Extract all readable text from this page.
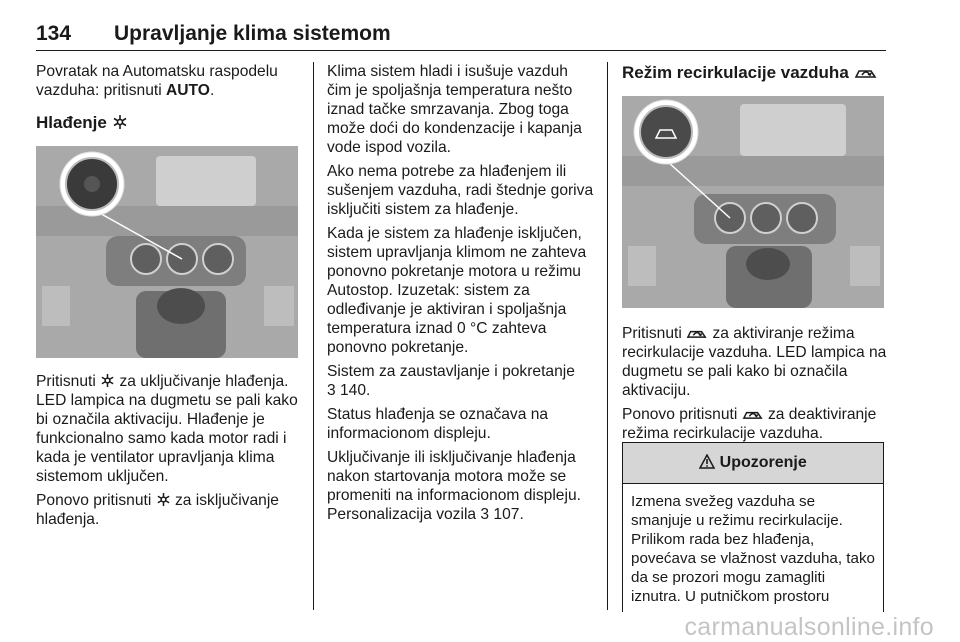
134 Upravljanje klima sistemom

Povratak na Automatsku raspodelu vazduha: pritisnuti AUTO.

Hlađenje

Pritisnuti  za uključivanje hlađenja. LED lampica na dugmetu se pali kako bi označila aktivaciju. Hlađenje je funkcionalno samo kada motor radi i kada je ventilator upravljanja klima sistemom uključen.

Ponovo pritisnuti  za isključivanje hlađenja.

Klima sistem hladi i isušuje vazduh čim je spoljašnja temperatura nešto iznad tačke smrzavanja. Zbog toga može doći do kondenzacije i kapanja vode ispod vozila.

Ako nema potrebe za hlađenjem ili sušenjem vazduha, radi štednje goriva isključiti sistem za hlađenje.

Kada je sistem za hlađenje isključen, sistem upravljanja klimom ne zahteva ponovno pokretanje motora u režimu Autostop. Izuzetak: sistem za odleđivanje je aktiviran i spoljašnja temperatura iznad 0 °C zahteva ponovno pokretanje.

Sistem za zaustavljanje i pokretanje
3 140.

Status hlađenja se označava na informacionom displeju.

Uključivanje ili isključivanje hlađenja nakon startovanja motora može se promeniti na informacionom displeju. Personalizacija vozila 3 107.

Režim recirkulacije vazduha

Pritisnuti  za aktiviranje režima recirkulacije vazduha. LED lampica na dugmetu se pali kako bi označila aktivaciju.

Ponovo pritisnuti  za deaktiviranje režima recirkulacije vazduha.

Upozorenje
Izmena svežeg vazduha se smanjuje u režimu recirkulacije. Prilikom rada bez hlađenja, povećava se vlažnost vazduha, tako da se prozori mogu zamagliti iznutra. U putničkom prostoru
carmanualsonline.info
